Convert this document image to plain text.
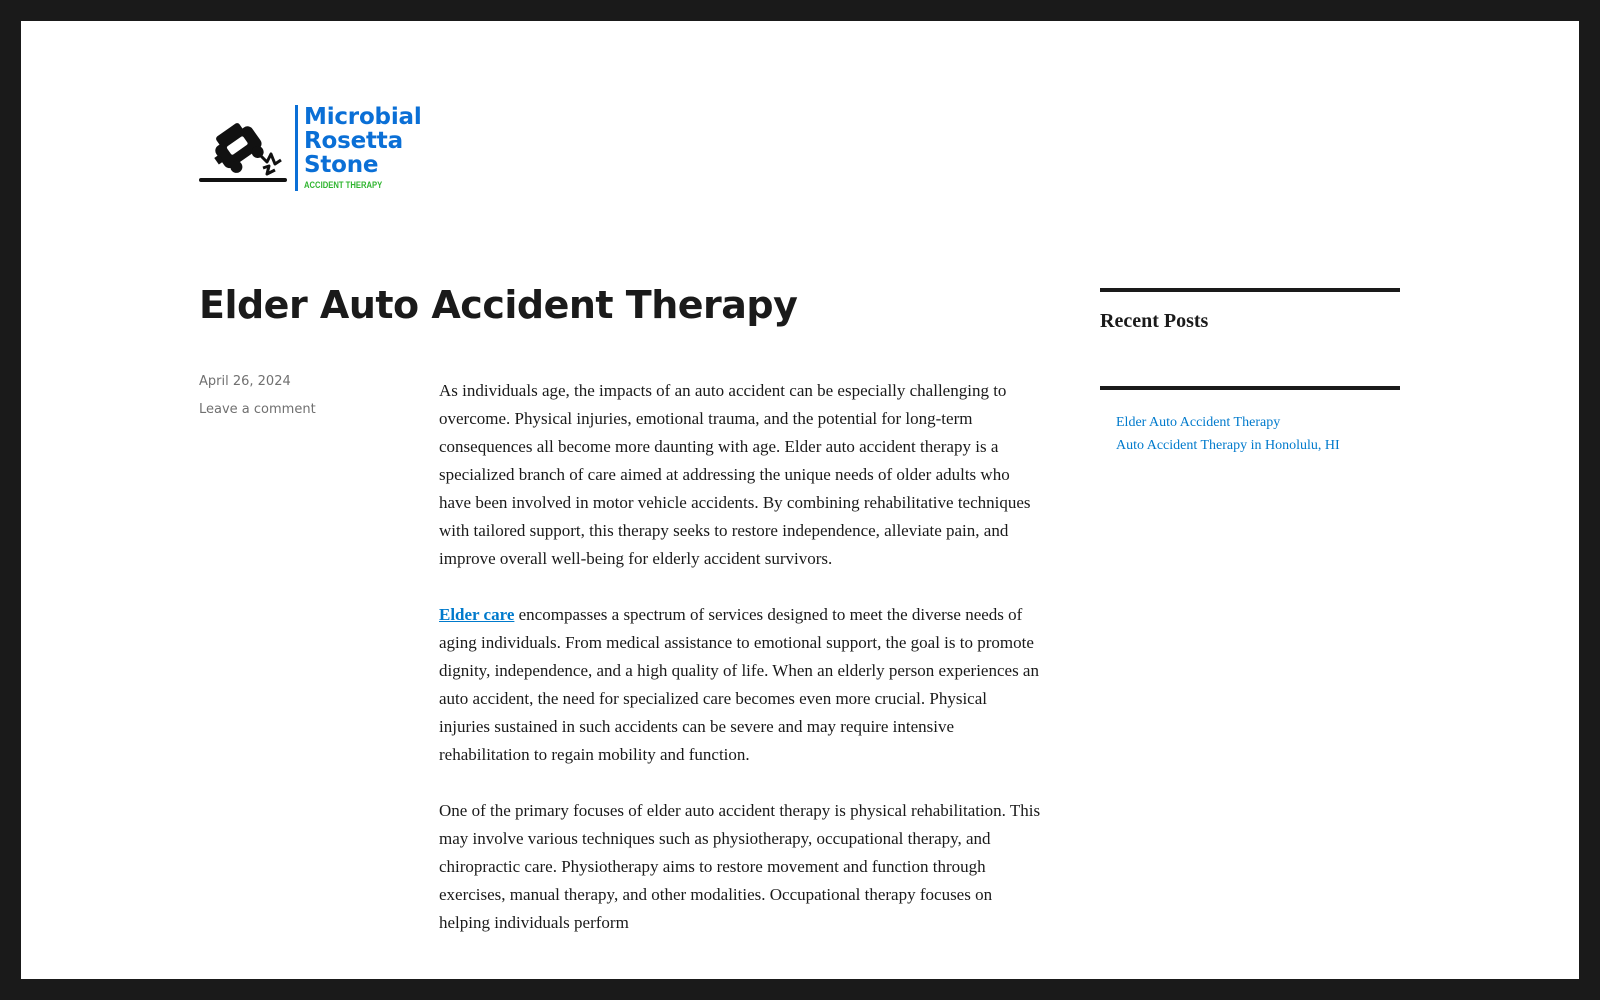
Microbial
Rosetta
Stone
ACCIDENT THERAPY
Elder Auto Accident Therapy
April 26, 2024
Leave a comment

As individuals age, the impacts of an auto accident can be especially challenging to overcome. Physical injuries, emotional trauma, and the potential for long-term consequences all become more daunting with age. Elder auto accident therapy is a specialized branch of care aimed at addressing the unique needs of older adults who have been involved in motor vehicle accidents. By combining rehabilitative techniques with tailored support, this therapy seeks to restore independence, alleviate pain, and improve overall well-being for elderly accident survivors.

Elder care encompasses a spectrum of services designed to meet the diverse needs of aging individuals. From medical assistance to emotional support, the goal is to promote dignity, independence, and a high quality of life. When an elderly person experiences an auto accident, the need for specialized care becomes even more crucial. Physical injuries sustained in such accidents can be severe and may require intensive rehabilitation to regain mobility and function.

One of the primary focuses of elder auto accident therapy is physical rehabilitation. This may involve various techniques such as physiotherapy, occupational therapy, and chiropractic care. Physiotherapy aims to restore movement and function through exercises, manual therapy, and other modalities. Occupational therapy focuses on helping individuals perform

Recent Posts
Elder Auto Accident Therapy
Auto Accident Therapy in Honolulu, HI
